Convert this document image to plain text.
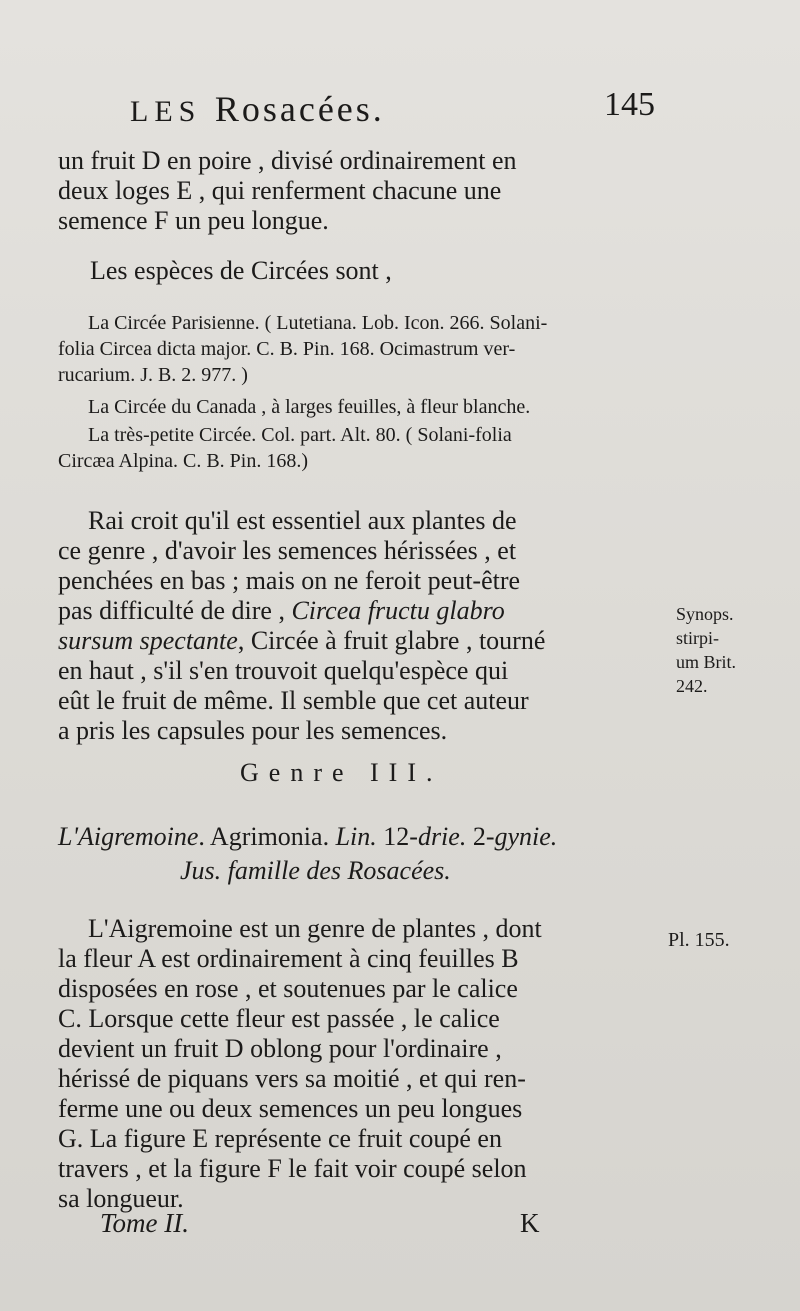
LES Rosacées.	145
un fruit D en poire , divisé ordinairement en
deux loges E , qui renferment chacune une
semence F un peu longue.
Les espèces de Circées sont ,
La Circée Parisienne. ( Lutetiana. Lob. Icon. 266. Solani-
folia Circea dicta major. C. B. Pin. 168. Ocimastrum ver-
rucarium. J. B. 2. 977. )
La Circée du Canada , à larges feuilles, à fleur blanche.
La très-petite Circée. Col. part. Alt. 80. ( Solani-folia
Circæa Alpina. C. B. Pin. 168.)
Rai croit qu'il est essentiel aux plantes de
ce genre , d'avoir les semences hérissées , et
penchées en bas ; mais on ne feroit peut-être
pas difficulté de dire , Circea fructu glabro
sursum spectante, Circée à fruit glabre , tourné
en haut , s'il s'en trouvoit quelqu'espèce qui
eût le fruit de même. Il semble que cet auteur
a pris les capsules pour les semences.
Synops.
stirpi-
um Brit.
242.
Genre III.
L'Aigremoine. Agrimonia. Lin. 12-drie. 2-gynie.
Jus. famille des Rosacées.
L'Aigremoine est un genre de plantes , dont
la fleur A est ordinairement à cinq feuilles B
disposées en rose , et soutenues par le calice
C. Lorsque cette fleur est passée , le calice
devient un fruit D oblong pour l'ordinaire ,
hérissé de piquans vers sa moitié , et qui ren-
ferme une ou deux semences un peu longues
G. La figure E représente ce fruit coupé en
travers , et la figure F le fait voir coupé selon
sa longueur.
Pl. 155.
Tome II.	K
